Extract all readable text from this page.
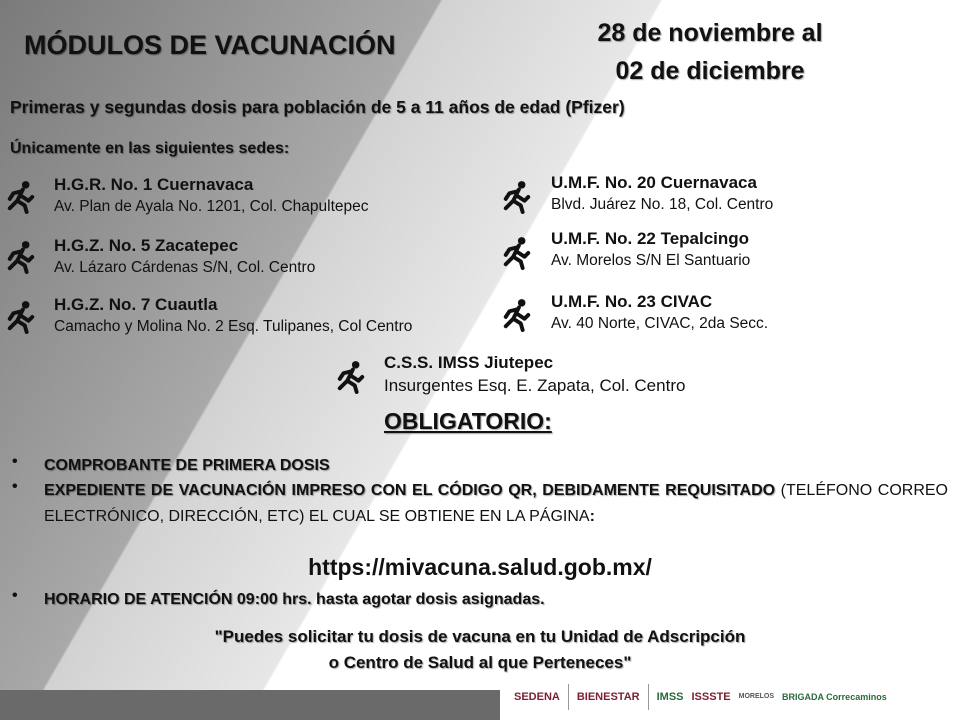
MÓDULOS DE VACUNACIÓN	28 de noviembre al
02 de diciembre
Primeras y segundas dosis para población de 5 a 11 años de edad (Pfizer)
Únicamente en las siguientes sedes:
H.G.R. No. 1 Cuernavaca
Av. Plan de Ayala No. 1201, Col. Chapultepec
H.G.Z. No. 5 Zacatepec
Av. Lázaro Cárdenas S/N, Col. Centro
H.G.Z. No. 7 Cuautla
Camacho y Molina No. 2 Esq. Tulipanes, Col Centro
U.M.F. No. 20 Cuernavaca
Blvd. Juárez No. 18, Col. Centro
U.M.F. No. 22 Tepalcingo
Av. Morelos S/N El Santuario
U.M.F. No. 23 CIVAC
Av. 40 Norte, CIVAC, 2da Secc.
C.S.S. IMSS Jiutepec
Insurgentes Esq. E. Zapata, Col. Centro
OBLIGATORIO:
• COMPROBANTE DE PRIMERA DOSIS
• EXPEDIENTE DE VACUNACIÓN IMPRESO CON EL CÓDIGO QR, DEBIDAMENTE REQUISITADO (TELÉFONO CORREO ELECTRÓNICO, DIRECCIÓN, ETC) EL CUAL SE OBTIENE EN LA PÁGINA:
https://mivacuna.salud.gob.mx/
• HORARIO DE ATENCIÓN 09:00 hrs. hasta agotar dosis asignadas.
"Puedes solicitar tu dosis de vacuna en tu Unidad de Adscripción
o Centro de Salud al que Perteneces"
SEDENA BIENESTAR IMSS ISSSTE MORELOS BRIGADA Correcaminos
